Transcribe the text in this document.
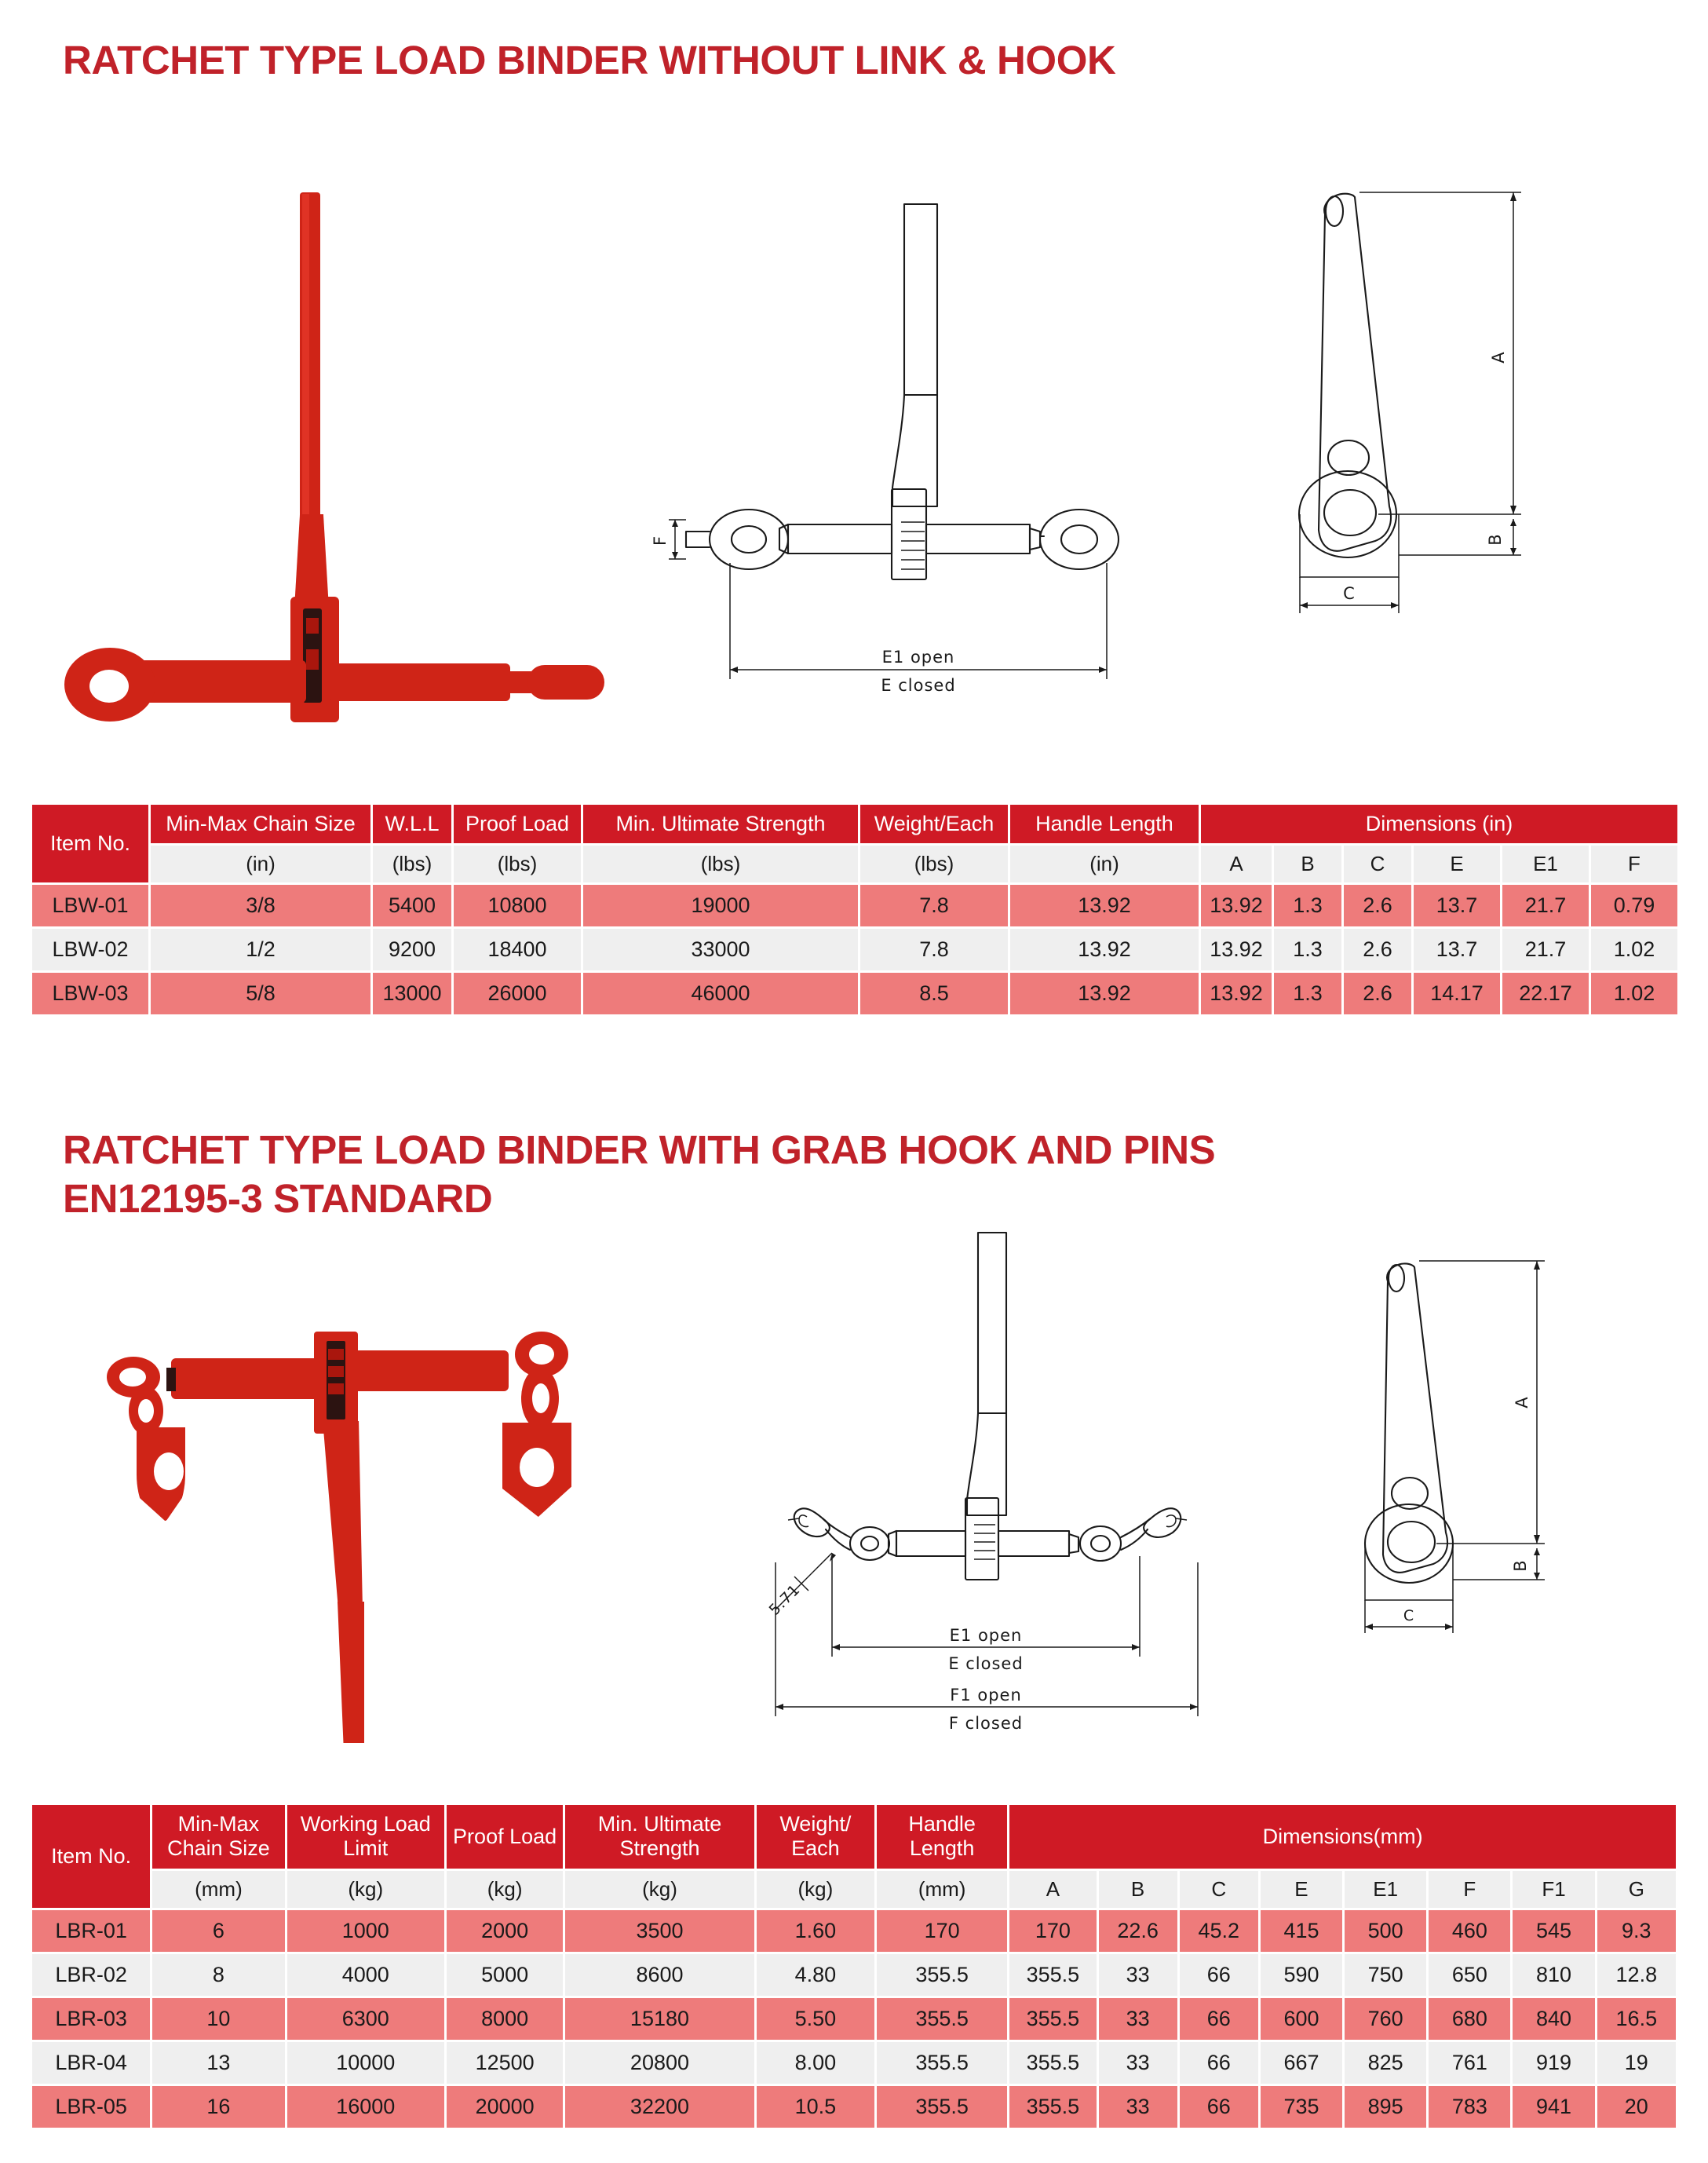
RATCHET TYPE LOAD BINDER WITHOUT LINK & HOOK
F
E1 open
E closed
A
B
C
Item No.	Min-Max Chain Size	W.L.L	Proof Load	Min. Ultimate Strength	Weight/Each	Handle Length	Dimensions (in)					
	(in)	(lbs)	(lbs)	(lbs)	(lbs)	(in)	A	B	C	E	E1	F
LBW-01	3/8	5400	10800	19000	7.8	13.92	13.92	1.3	2.6	13.7	21.7	0.79
LBW-02	1/2	9200	18400	33000	7.8	13.92	13.92	1.3	2.6	13.7	21.7	1.02
LBW-03	5/8	13000	26000	46000	8.5	13.92	13.92	1.3	2.6	14.17	22.17	1.02
RATCHET TYPE LOAD BINDER WITH GRAB HOOK AND PINS
EN12195-3 STANDARD
5.71
E1 open
E closed
F1 open
F closed
A
B
C
Item No.	Min-Max Chain Size	Working Load Limit	Proof Load	Min. Ultimate Strength	Weight/ Each	Handle Length	Dimensions(mm)							
	(mm)	(kg)	(kg)	(kg)	(kg)	(mm)	A	B	C	E	E1	F	F1	G
LBR-01	6	1000	2000	3500	1.60	170	170	22.6	45.2	415	500	460	545	9.3
LBR-02	8	4000	5000	8600	4.80	355.5	355.5	33	66	590	750	650	810	12.8
LBR-03	10	6300	8000	15180	5.50	355.5	355.5	33	66	600	760	680	840	16.5
LBR-04	13	10000	12500	20800	8.00	355.5	355.5	33	66	667	825	761	919	19
LBR-05	16	16000	20000	32200	10.5	355.5	355.5	33	66	735	895	783	941	20
